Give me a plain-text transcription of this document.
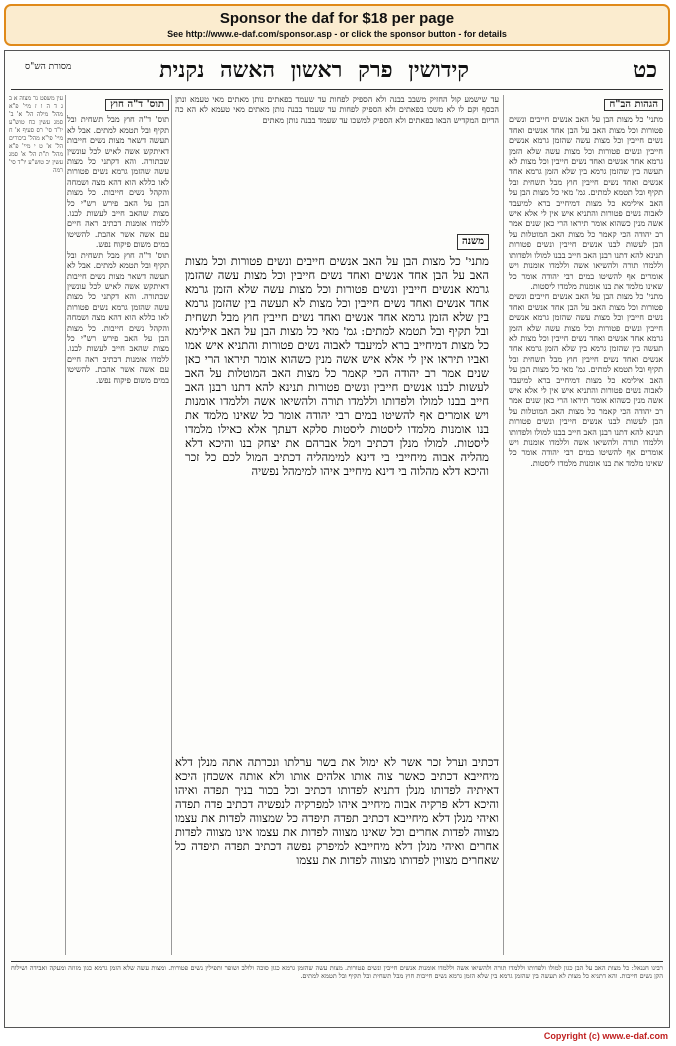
Sponsor the daf for $18 per page
See http://www.e-daf.com/sponsor.asp - or click the sponsor button - for details
כט
קידושין פרק ראשון האשה נקנית
מסורת הש"ס
הגהות הב"ח
מתני' כל מצות הבן על האב אנשים חייבים ונשים פטורות וכל מצות האב על הבן אחד אנשים ואחד נשים חייבין וכל מצות עשה שהזמן גרמא אנשים חייבין ונשים פטורות וכל מצות עשה שלא הזמן גרמא אחד אנשים ואחד נשים חייבין וכל מצות לא תעשה בין שהזמן גרמא בין שלא הזמן גרמא אחד אנשים ואחד נשים חייבין חוץ מבל תשחית ובל תקיף ובל תטמא למתים. גמ' מאי כל מצות הבן על האב אילימא כל מצות דמיחייב ברא למיעבד לאבוה נשים פטורות והתניא איש אין לי אלא איש אשה מנין כשהוא אומר תיראו הרי כאן שנים אמר רב יהודה הכי קאמר כל מצות האב המוטלות על הבן לעשות לבנו אנשים חייבין ונשים פטורות תנינא להא דתנו רבנן האב חייב בבנו למולו ולפדותו וללמדו תורה ולהשיאו אשה וללמדו אומנות ויש אומרים אף להשיטו במים רבי יהודה אומר כל שאינו מלמד את בנו אומנות מלמדו ליסטות.
מתני' כל מצות הבן על האב אנשים חייבים ונשים פטורות וכל מצות האב על הבן אחד אנשים ואחד נשים חייבין וכל מצות עשה שהזמן גרמא אנשים חייבין ונשים פטורות וכל מצות עשה שלא הזמן גרמא אחד אנשים ואחד נשים חייבין וכל מצות לא תעשה בין שהזמן גרמא בין שלא הזמן גרמא אחד אנשים ואחד נשים חייבין חוץ מבל תשחית ובל תקיף ובל תטמא למתים. גמ' מאי כל מצות הבן על האב אילימא כל מצות דמיחייב ברא למיעבד לאבוה נשים פטורות והתניא איש אין לי אלא איש אשה מנין כשהוא אומר תיראו הרי כאן שנים אמר רב יהודה הכי קאמר כל מצות האב המוטלות על הבן לעשות לבנו אנשים חייבין ונשים פטורות תנינא להא דתנו רבנן האב חייב בבנו למולו ולפדותו וללמדו תורה ולהשיאו אשה וללמדו אומנות ויש אומרים אף להשיטו במים רבי יהודה אומר כל שאינו מלמד את בנו אומנות מלמדו ליסטות.
עד שישמע קול החזיק משבב בבנה ולא הספיק לפחות עד שעמד בפאתים נותן מאתים מאי טעמא ונתן הכסף וקם לו לא משכו בפאתים ולא הספיק לפחות עד שעמד בבנה נותן מאתים מאי טעמא לא הא כה הדיום המקדיש הבאו בפאתים ולא הספיק למשכו עד שעמד בבנה נותן מאתים
משנה
מתני' כל מצות הבן על האב אנשים חייבים ונשים פטורות וכל מצות האב על הבן אחד אנשים ואחד נשים חייבין וכל מצות עשה שהזמן גרמא אנשים חייבין ונשים פטורות וכל מצות עשה שלא הזמן גרמא אחד אנשים ואחד נשים חייבין וכל מצות לא תעשה בין שהזמן גרמא בין שלא הזמן גרמא אחד אנשים ואחד נשים חייבין חוץ מבל תשחית ובל תקיף ובל תטמא למתים: גמ' מאי כל מצות הבן על האב אילימא כל מצות דמיחייב ברא למיעבד לאבוה נשים פטורות והתניא איש אמו ואביו תיראו אין לי אלא איש אשה מנין כשהוא אומר תיראו הרי כאן שנים אמר רב יהודה הכי קאמר כל מצות האב המוטלות על האב לעשות לבנו אנשים חייבין ונשים פטורות תנינא להא דתנו רבנן האב חייב בבנו למולו ולפדותו וללמדו תורה ולהשיאו אשה וללמדו אומנות ויש אומרים אף להשיטו במים רבי יהודה אומר כל שאינו מלמד את בנו אומנות מלמדו ליסטות ליסטות סלקא דעתך אלא כאילו מלמדו ליסטות. למולו מנלן דכתיב וימל אברהם את יצחק בנו והיכא דלא מהליה אבוה מיחייבי בי דינא למימהליה דכתיב המול לכם כל זכר והיכא דלא מהלוה בי דינא מיחייב איהו למימהל נפשיה
דכתיב וערל זכר אשר לא ימול את בשר ערלתו ונכרתה אתה מנלן דלא מיחייבא דכתיב כאשר צוה אותו אלהים אותו ולא אותה אשכחן היכא דאיתיה לפדותו מנלן דתניא לפדותו דכתיב וכל בכור בניך תפדה ואיהו והיכא דלא פרקיה אבוה מיחייב איהו למפרקיה לנפשיה דכתיב פדה תפדה ואיהי מנלן דלא מיחייבא דכתיב תפדה תיפדה כל שמצווה לפדות את עצמו מצווה לפדות אחרים וכל שאינו מצווה לפדות את עצמו אינו מצווה לפדות אחרים ואיהי מנלן דלא מיחייבא למיפרק נפשה דכתיב תפדה תיפדה כל שאחרים מצווין לפדותו מצווה לפדות את עצמו
תוס' ד"ה חוץ
תוס' ד"ה חוץ מבל תשחית ובל תקיף ובל תטמא למתים. אבל לא תעשה דשאר מצות נשים חייבות דאיתקש אשה לאיש לכל עונשין שבתורה. והא דקתני כל מצות עשה שהזמן גרמא נשים פטורות לאו כללא הוא דהא מצה ושמחה והקהל נשים חייבות. כל מצות הבן על האב פירש רש"י כל מצות שהאב חייב לעשות לבנו. ללמדו אומנות דכתיב ראה חיים עם אשה אשר אהבת. להשיטו במים משום פיקוח נפש.
תוס' ד"ה חוץ מבל תשחית ובל תקיף ובל תטמא למתים. אבל לא תעשה דשאר מצות נשים חייבות דאיתקש אשה לאיש לכל עונשין שבתורה. והא דקתני כל מצות עשה שהזמן גרמא נשים פטורות לאו כללא הוא דהא מצה ושמחה והקהל נשים חייבות. כל מצות הבן על האב פירש רש"י כל מצות שהאב חייב לעשות לבנו. ללמדו אומנות דכתיב ראה חיים עם אשה אשר אהבת. להשיטו במים משום פיקוח נפש.
עין משפט נר מצוה א ב ג ד ה ו ז מיי' פ"א מהל' מילה הל' א' ב' סמג עשין כח טוש"ע יו"ד סי' רס סעיף א' ח מיי' פי"א מהל' ביכורים הל' א' ט י מיי' פ"א מהל' ת"ת הל' א' סמג עשין יב טוש"ע יו"ד סי' רמה
רבינו חננאל: כל מצות האב על הבן כגון למולו ולפדותו וללמדו תורה ולהשיאו אשה וללמדו אומנות אנשים חייבין ונשים פטורות. מצות עשה שהזמן גרמא כגון סוכה ולולב ושופר ותפילין נשים פטורות. ומצות עשה שלא הזמן גרמא כגון מזוזה ומעקה ואבידה ושילוח הקן נשים חייבות. והא דתניא כל מצות לא תעשה בין שהזמן גרמא בין שלא הזמן גרמא נשים חייבות חוץ מבל תשחית ובל תקיף ובל תטמא למתים.
Copyright (c) www.e-daf.com
